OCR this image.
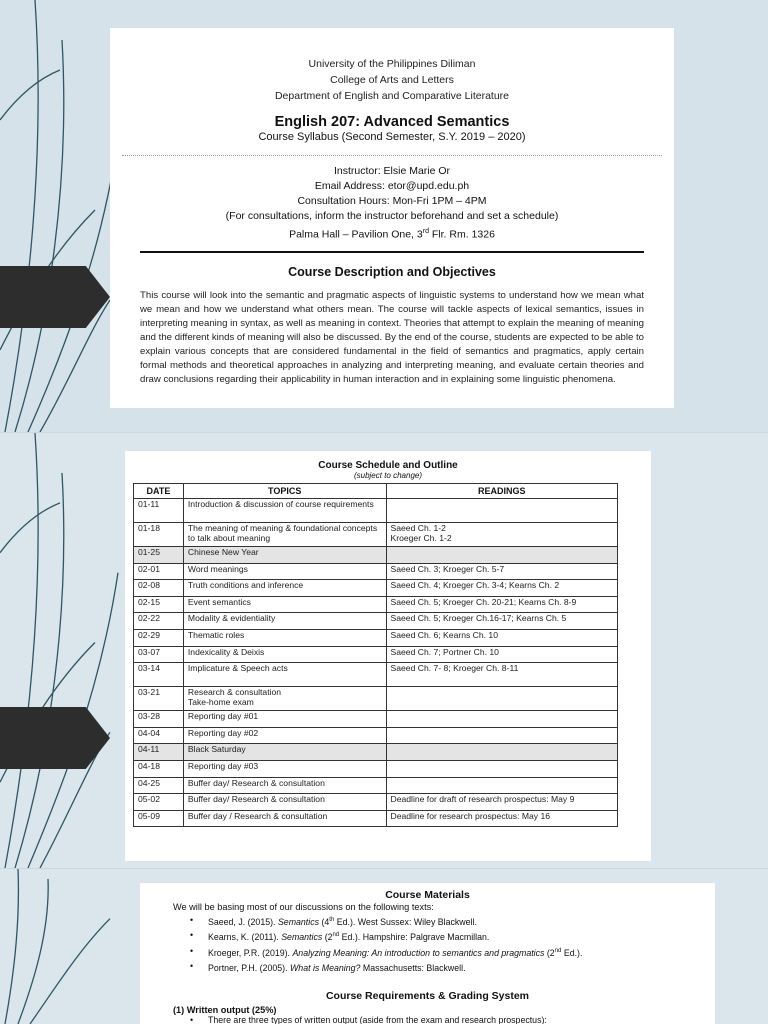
University of the Philippines Diliman
College of Arts and Letters
Department of English and Comparative Literature
English 207: Advanced Semantics
Course Syllabus (Second Semester, S.Y. 2019 – 2020)
Instructor: Elsie Marie Or
Email Address: etor@upd.edu.ph
Consultation Hours: Mon-Fri 1PM – 4PM
(For consultations, inform the instructor beforehand and set a schedule)
Palma Hall – Pavilion One, 3rd Flr. Rm. 1326
Course Description and Objectives
This course will look into the semantic and pragmatic aspects of linguistic systems to understand how we mean what we mean and how we understand what others mean. The course will tackle aspects of lexical semantics, issues in interpreting meaning in syntax, as well as meaning in context. Theories that attempt to explain the meaning of meaning and the different kinds of meaning will also be discussed. By the end of the course, students are expected to be able to explain various concepts that are considered fundamental in the field of semantics and pragmatics, apply certain formal methods and theoretical approaches in analyzing and interpreting meaning, and evaluate certain theories and draw conclusions regarding their applicability in human interaction and in explaining some linguistic phenomena.
Course Schedule and Outline
(subject to change)
DATE	TOPICS	READINGS
01-11	Introduction & discussion of course requirements	
01-18	The meaning of meaning & foundational concepts to talk about meaning	Saeed Ch. 1-2
Kroeger Ch. 1-2
01-25	Chinese New Year	
02-01	Word meanings	Saeed Ch. 3; Kroeger Ch. 5-7
02-08	Truth conditions and inference	Saeed Ch. 4; Kroeger Ch. 3-4; Kearns Ch. 2
02-15	Event semantics	Saeed Ch. 5; Kroeger Ch. 20-21; Kearns Ch. 8-9
02-22	Modality & evidentiality	Saeed Ch. 5; Kroeger Ch.16-17; Kearns Ch. 5
02-29	Thematic roles	Saeed Ch. 6; Kearns Ch. 10
03-07	Indexicality & Deixis	Saeed Ch. 7; Portner Ch. 10
03-14	Implicature & Speech acts	Saeed Ch. 7- 8; Kroeger Ch. 8-11
03-21	Research & consultation
Take-home exam	
03-28	Reporting day #01	
04-04	Reporting day #02	
04-11	Black Saturday	
04-18	Reporting day #03	
04-25	Buffer day/ Research & consultation	
05-02	Buffer day/ Research & consultation	Deadline for draft of research prospectus: May 9
05-09	Buffer day / Research & consultation	Deadline for research prospectus: May 16
Course Materials
We will be basing most of our discussions on the following texts:
• Saeed, J. (2015). Semantics (4th Ed.). West Sussex: Wiley Blackwell.
• Kearns, K. (2011). Semantics (2nd Ed.). Hampshire: Palgrave Macmillan.
• Kroeger, P.R. (2019). Analyzing Meaning: An introduction to semantics and pragmatics (2nd Ed.).
• Portner, P.H. (2005). What is Meaning? Massachusetts: Blackwell.
Course Requirements & Grading System
(1) Written output (25%)
• There are three types of written output (aside from the exam and research prospectus):
